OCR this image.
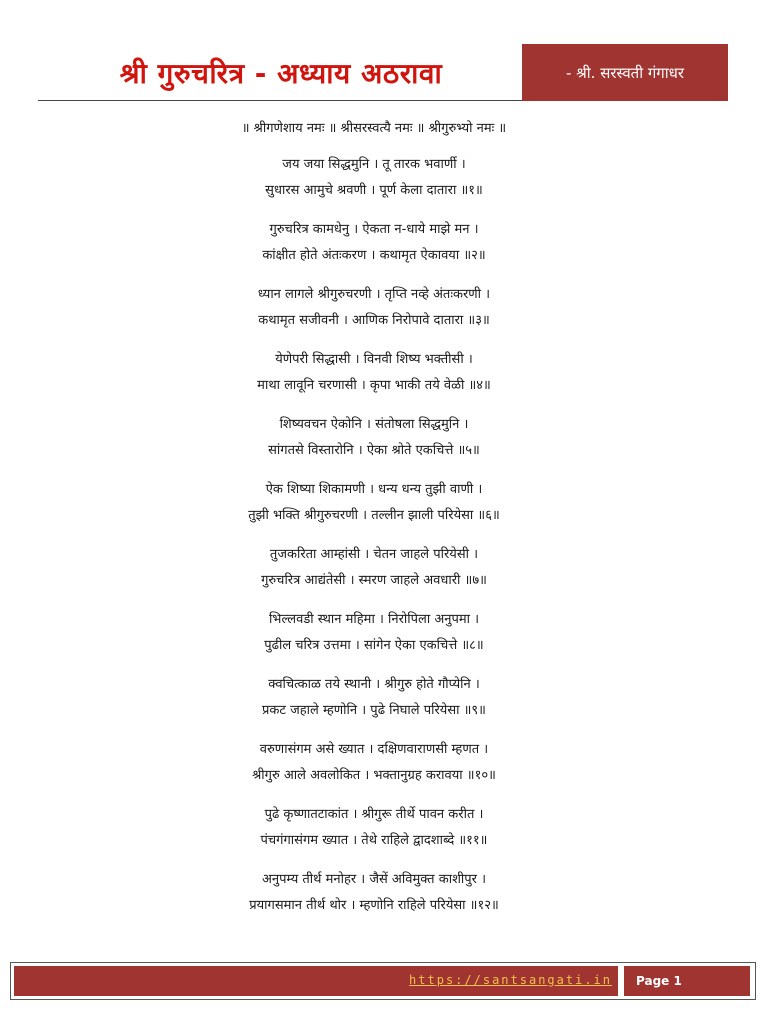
श्री गुरुचरित्र - अध्याय अठरावा	- श्री. सरस्वती गंगाधर
॥ श्रीगणेशाय नमः ॥ श्रीसरस्वत्यै नमः ॥ श्रीगुरुभ्यो नमः ॥
जय जया सिद्धमुनि । तू तारक भवार्णी ।
सुधारस आमुचे श्रवणी । पूर्ण केला दातारा ॥१॥
गुरुचरित्र कामधेनु । ऐकता न-धाये माझे मन ।
कांक्षीत होते अंतःकरण । कथामृत ऐकावया ॥२॥
ध्यान लागले श्रीगुरुचरणी । तृप्ति नव्हे अंतःकरणी ।
कथामृत सजीवनी । आणिक निरोपावे दातारा ॥३॥
येणेपरी सिद्धासी । विनवी शिष्य भक्तीसी ।
माथा लावूनि चरणासी । कृपा भाकी तये वेळी ॥४॥
शिष्यवचन ऐकोनि । संतोषला सिद्धमुनि ।
सांगतसे विस्तारोनि । ऐका श्रोते एकचित्ते ॥५॥
ऐक शिष्या शिकामणी । धन्य धन्य तुझी वाणी ।
तुझी भक्ति श्रीगुरुचरणी । तल्लीन झाली परियेसा ॥६॥
तुजकरिता आम्हांसी । चेतन जाहले परियेसी ।
गुरुचरित्र आद्यंतेसी । स्मरण जाहले अवधारी ॥७॥
भिल्लवडी स्थान महिमा । निरोपिला अनुपमा ।
पुढील चरित्र उत्तमा । सांगेन ऐका एकचित्ते ॥८॥
क्वचित्काळ तये स्थानी । श्रीगुरु होते गौप्येनि ।
प्रकट जहाले म्हणोनि । पुढे निघाले परियेसा ॥९॥
वरुणासंगम असे ख्यात । दक्षिणवाराणसी म्हणत ।
श्रीगुरु आले अवलोकित । भक्तानुग्रह करावया ॥१०॥
पुढे कृष्णातटाकांत । श्रीगुरू तीर्थे पावन करीत ।
पंचगंगासंगम ख्यात । तेथे राहिले द्वादशाब्दे ॥११॥
अनुपम्य तीर्थ मनोहर । जैसें अविमुक्त काशीपुर ।
प्रयागसमान तीर्थ थोर । म्हणोनि राहिले परियेसा ॥१२॥
https://santsangati.in	Page 1
